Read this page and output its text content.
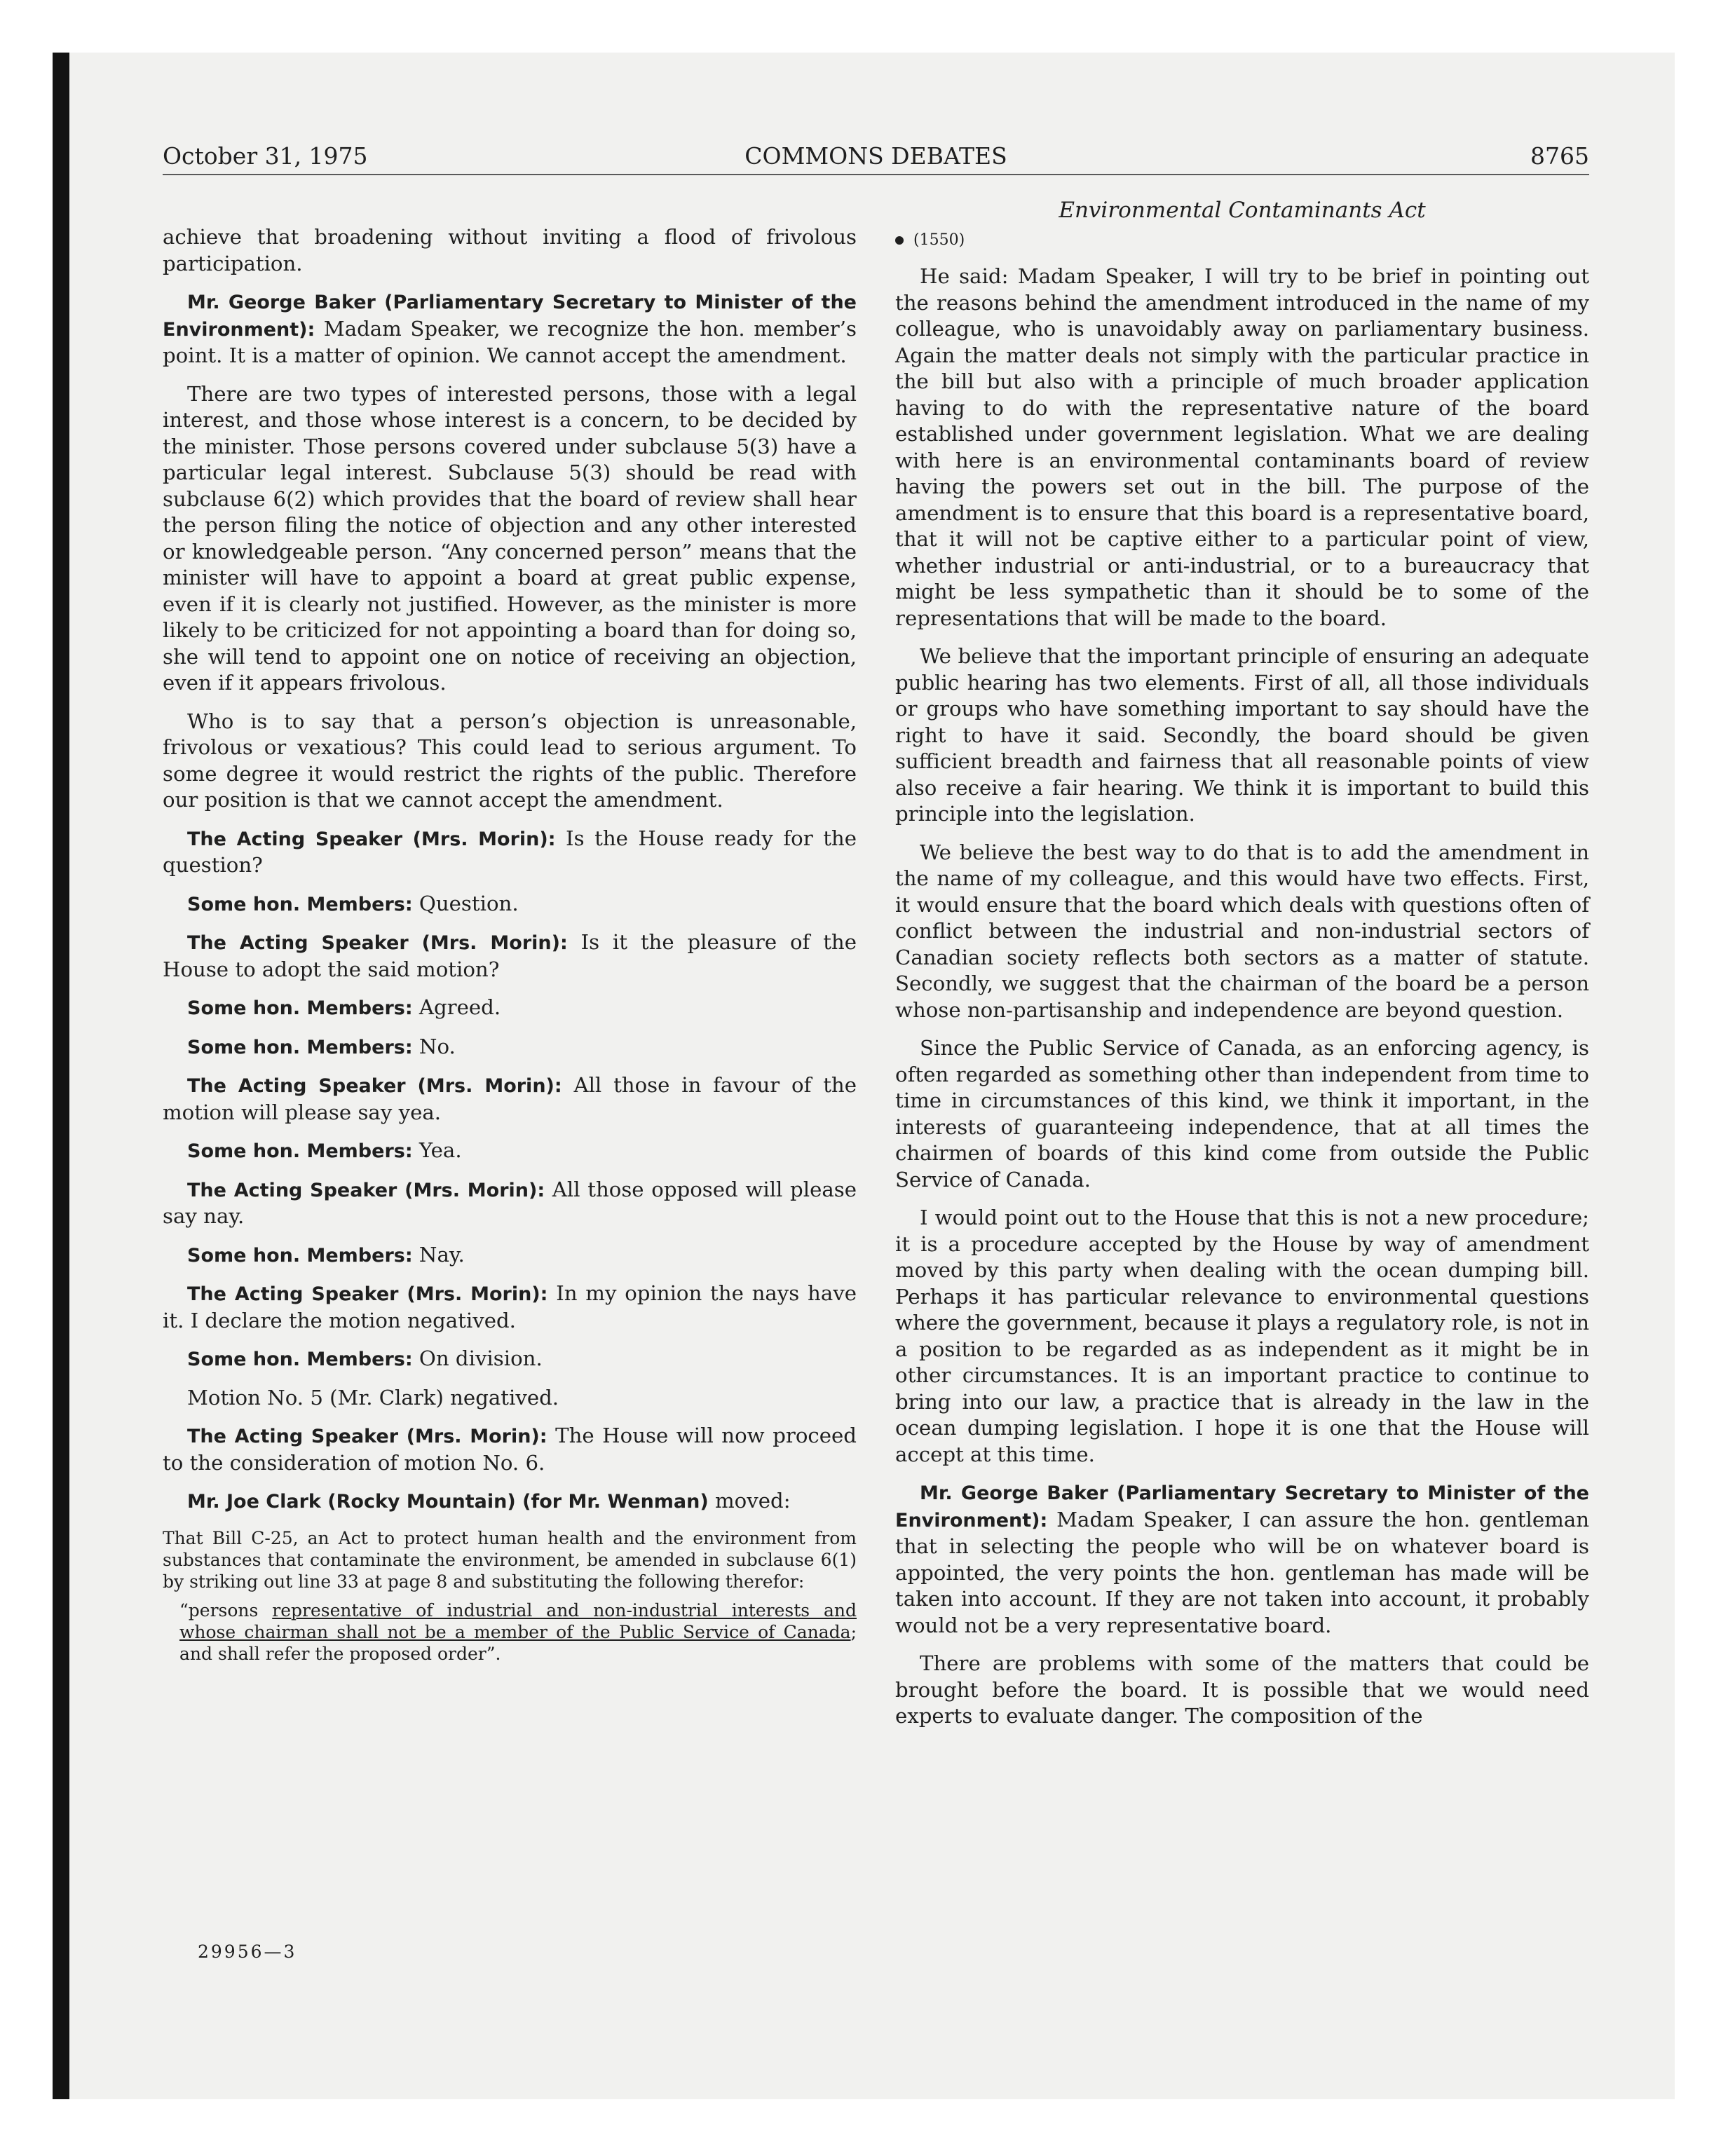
October 31, 1975	COMMONS DEBATES	8765

achieve that broadening without inviting a flood of frivolous participation.

Mr. George Baker (Parliamentary Secretary to Minister of the Environment): Madam Speaker, we recognize the hon. member’s point. It is a matter of opinion. We cannot accept the amendment.

There are two types of interested persons, those with a legal interest, and those whose interest is a concern, to be decided by the minister. Those persons covered under subclause 5(3) have a particular legal interest. Subclause 5(3) should be read with subclause 6(2) which provides that the board of review shall hear the person filing the notice of objection and any other interested or knowledgeable person. “Any concerned person” means that the minister will have to appoint a board at great public expense, even if it is clearly not justified. However, as the minister is more likely to be criticized for not appointing a board than for doing so, she will tend to appoint one on notice of receiving an objection, even if it appears frivolous.

Who is to say that a person’s objection is unreasonable, frivolous or vexatious? This could lead to serious argument. To some degree it would restrict the rights of the public. Therefore our position is that we cannot accept the amendment.

The Acting Speaker (Mrs. Morin): Is the House ready for the question?

Some hon. Members: Question.

The Acting Speaker (Mrs. Morin): Is it the pleasure of the House to adopt the said motion?

Some hon. Members: Agreed.

Some hon. Members: No.

The Acting Speaker (Mrs. Morin): All those in favour of the motion will please say yea.

Some hon. Members: Yea.

The Acting Speaker (Mrs. Morin): All those opposed will please say nay.

Some hon. Members: Nay.

The Acting Speaker (Mrs. Morin): In my opinion the nays have it. I declare the motion negatived.

Some hon. Members: On division.

Motion No. 5 (Mr. Clark) negatived.

The Acting Speaker (Mrs. Morin): The House will now proceed to the consideration of motion No. 6.

Mr. Joe Clark (Rocky Mountain) (for Mr. Wenman) moved:

That Bill C-25, an Act to protect human health and the environment from substances that contaminate the environment, be amended in subclause 6(1) by striking out line 33 at page 8 and substituting the following therefor:

“persons representative of industrial and non-industrial interests and whose chairman shall not be a member of the Public Service of Canada; and shall refer the proposed order”.

Environmental Contaminants Act
(1550)

He said: Madam Speaker, I will try to be brief in pointing out the reasons behind the amendment introduced in the name of my colleague, who is unavoidably away on parliamentary business. Again the matter deals not simply with the particular practice in the bill but also with a principle of much broader application having to do with the representative nature of the board established under government legislation. What we are dealing with here is an environmental contaminants board of review having the powers set out in the bill. The purpose of the amendment is to ensure that this board is a representative board, that it will not be captive either to a particular point of view, whether industrial or anti-industrial, or to a bureaucracy that might be less sympathetic than it should be to some of the representations that will be made to the board.

We believe that the important principle of ensuring an adequate public hearing has two elements. First of all, all those individuals or groups who have something important to say should have the right to have it said. Secondly, the board should be given sufficient breadth and fairness that all reasonable points of view also receive a fair hearing. We think it is important to build this principle into the legislation.

We believe the best way to do that is to add the amendment in the name of my colleague, and this would have two effects. First, it would ensure that the board which deals with questions often of conflict between the industrial and non-industrial sectors of Canadian society reflects both sectors as a matter of statute. Secondly, we suggest that the chairman of the board be a person whose non-partisanship and independence are beyond question.

Since the Public Service of Canada, as an enforcing agency, is often regarded as something other than independent from time to time in circumstances of this kind, we think it important, in the interests of guaranteeing independence, that at all times the chairmen of boards of this kind come from outside the Public Service of Canada.

I would point out to the House that this is not a new procedure; it is a procedure accepted by the House by way of amendment moved by this party when dealing with the ocean dumping bill. Perhaps it has particular relevance to environmental questions where the government, because it plays a regulatory role, is not in a position to be regarded as as independent as it might be in other circumstances. It is an important practice to continue to bring into our law, a practice that is already in the law in the ocean dumping legislation. I hope it is one that the House will accept at this time.

Mr. George Baker (Parliamentary Secretary to Minister of the Environment): Madam Speaker, I can assure the hon. gentleman that in selecting the people who will be on whatever board is appointed, the very points the hon. gentleman has made will be taken into account. If they are not taken into account, it probably would not be a very representative board.

There are problems with some of the matters that could be brought before the board. It is possible that we would need experts to evaluate danger. The composition of the

29956—3
